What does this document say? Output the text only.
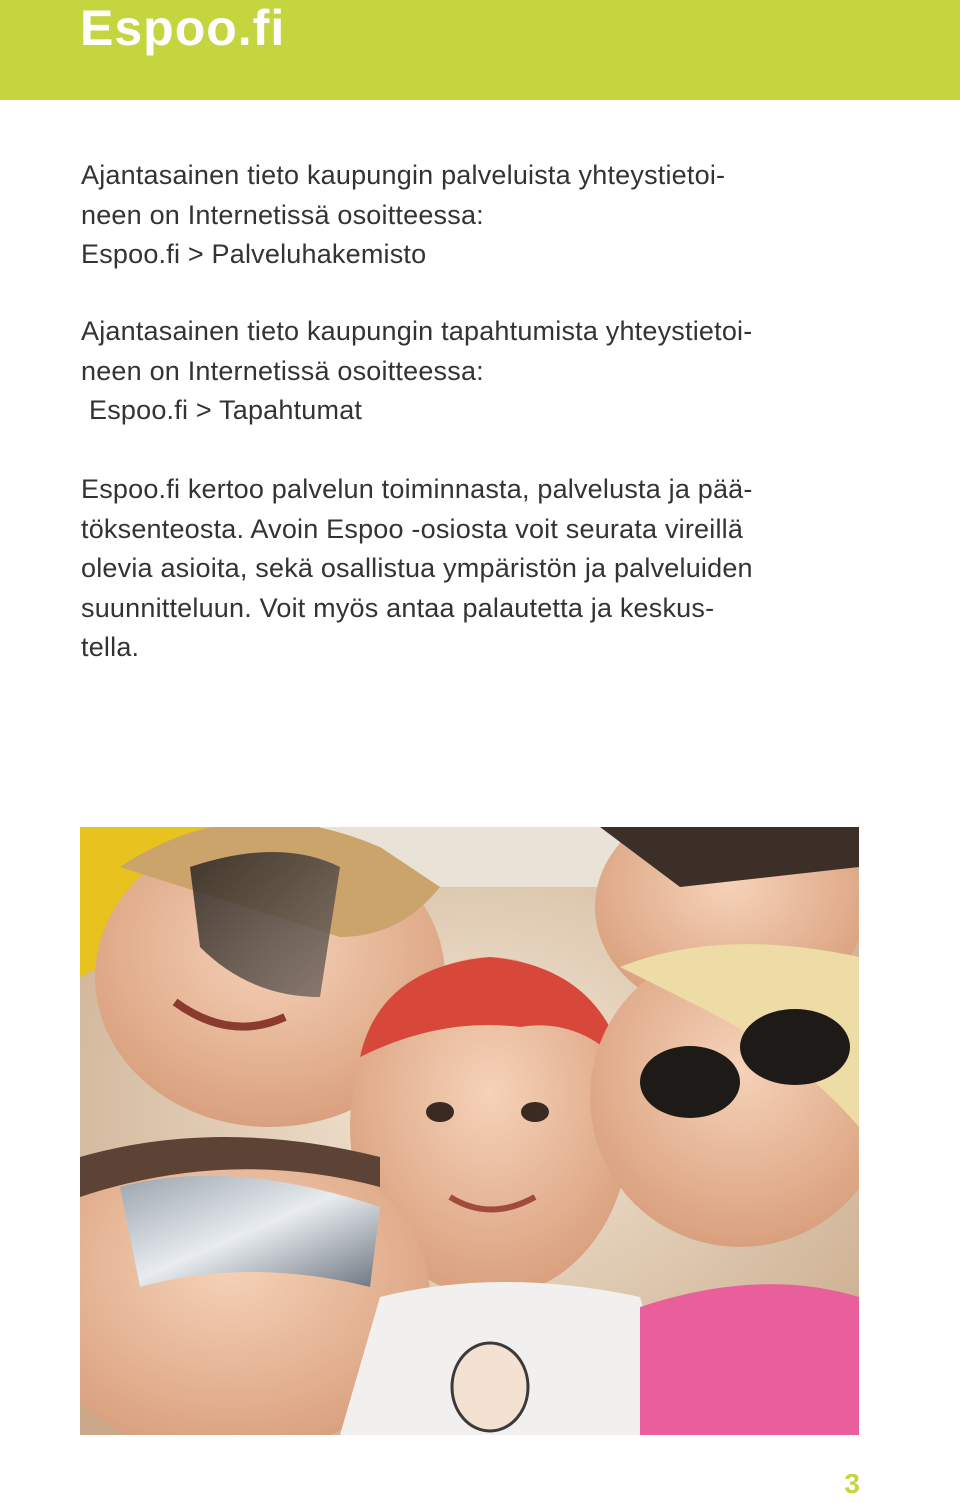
Espoo.fi

Ajantasainen tieto kaupungin palveluista yhteystietoi-
neen on Internetissä osoitteessa:
Espoo.fi > Palveluhakemisto

Ajantasainen tieto kaupungin tapahtumista yhteystietoi-
neen on Internetissä osoitteessa:
Espoo.fi > Tapahtumat

Espoo.fi kertoo palvelun toiminnasta, palvelusta ja pää-
töksenteosta. Avoin Espoo -osiosta voit seurata vireillä
olevia asioita, sekä osallistua ympäristön ja palveluiden
suunnitteluun. Voit myös antaa palautetta ja keskus-
tella.

3
